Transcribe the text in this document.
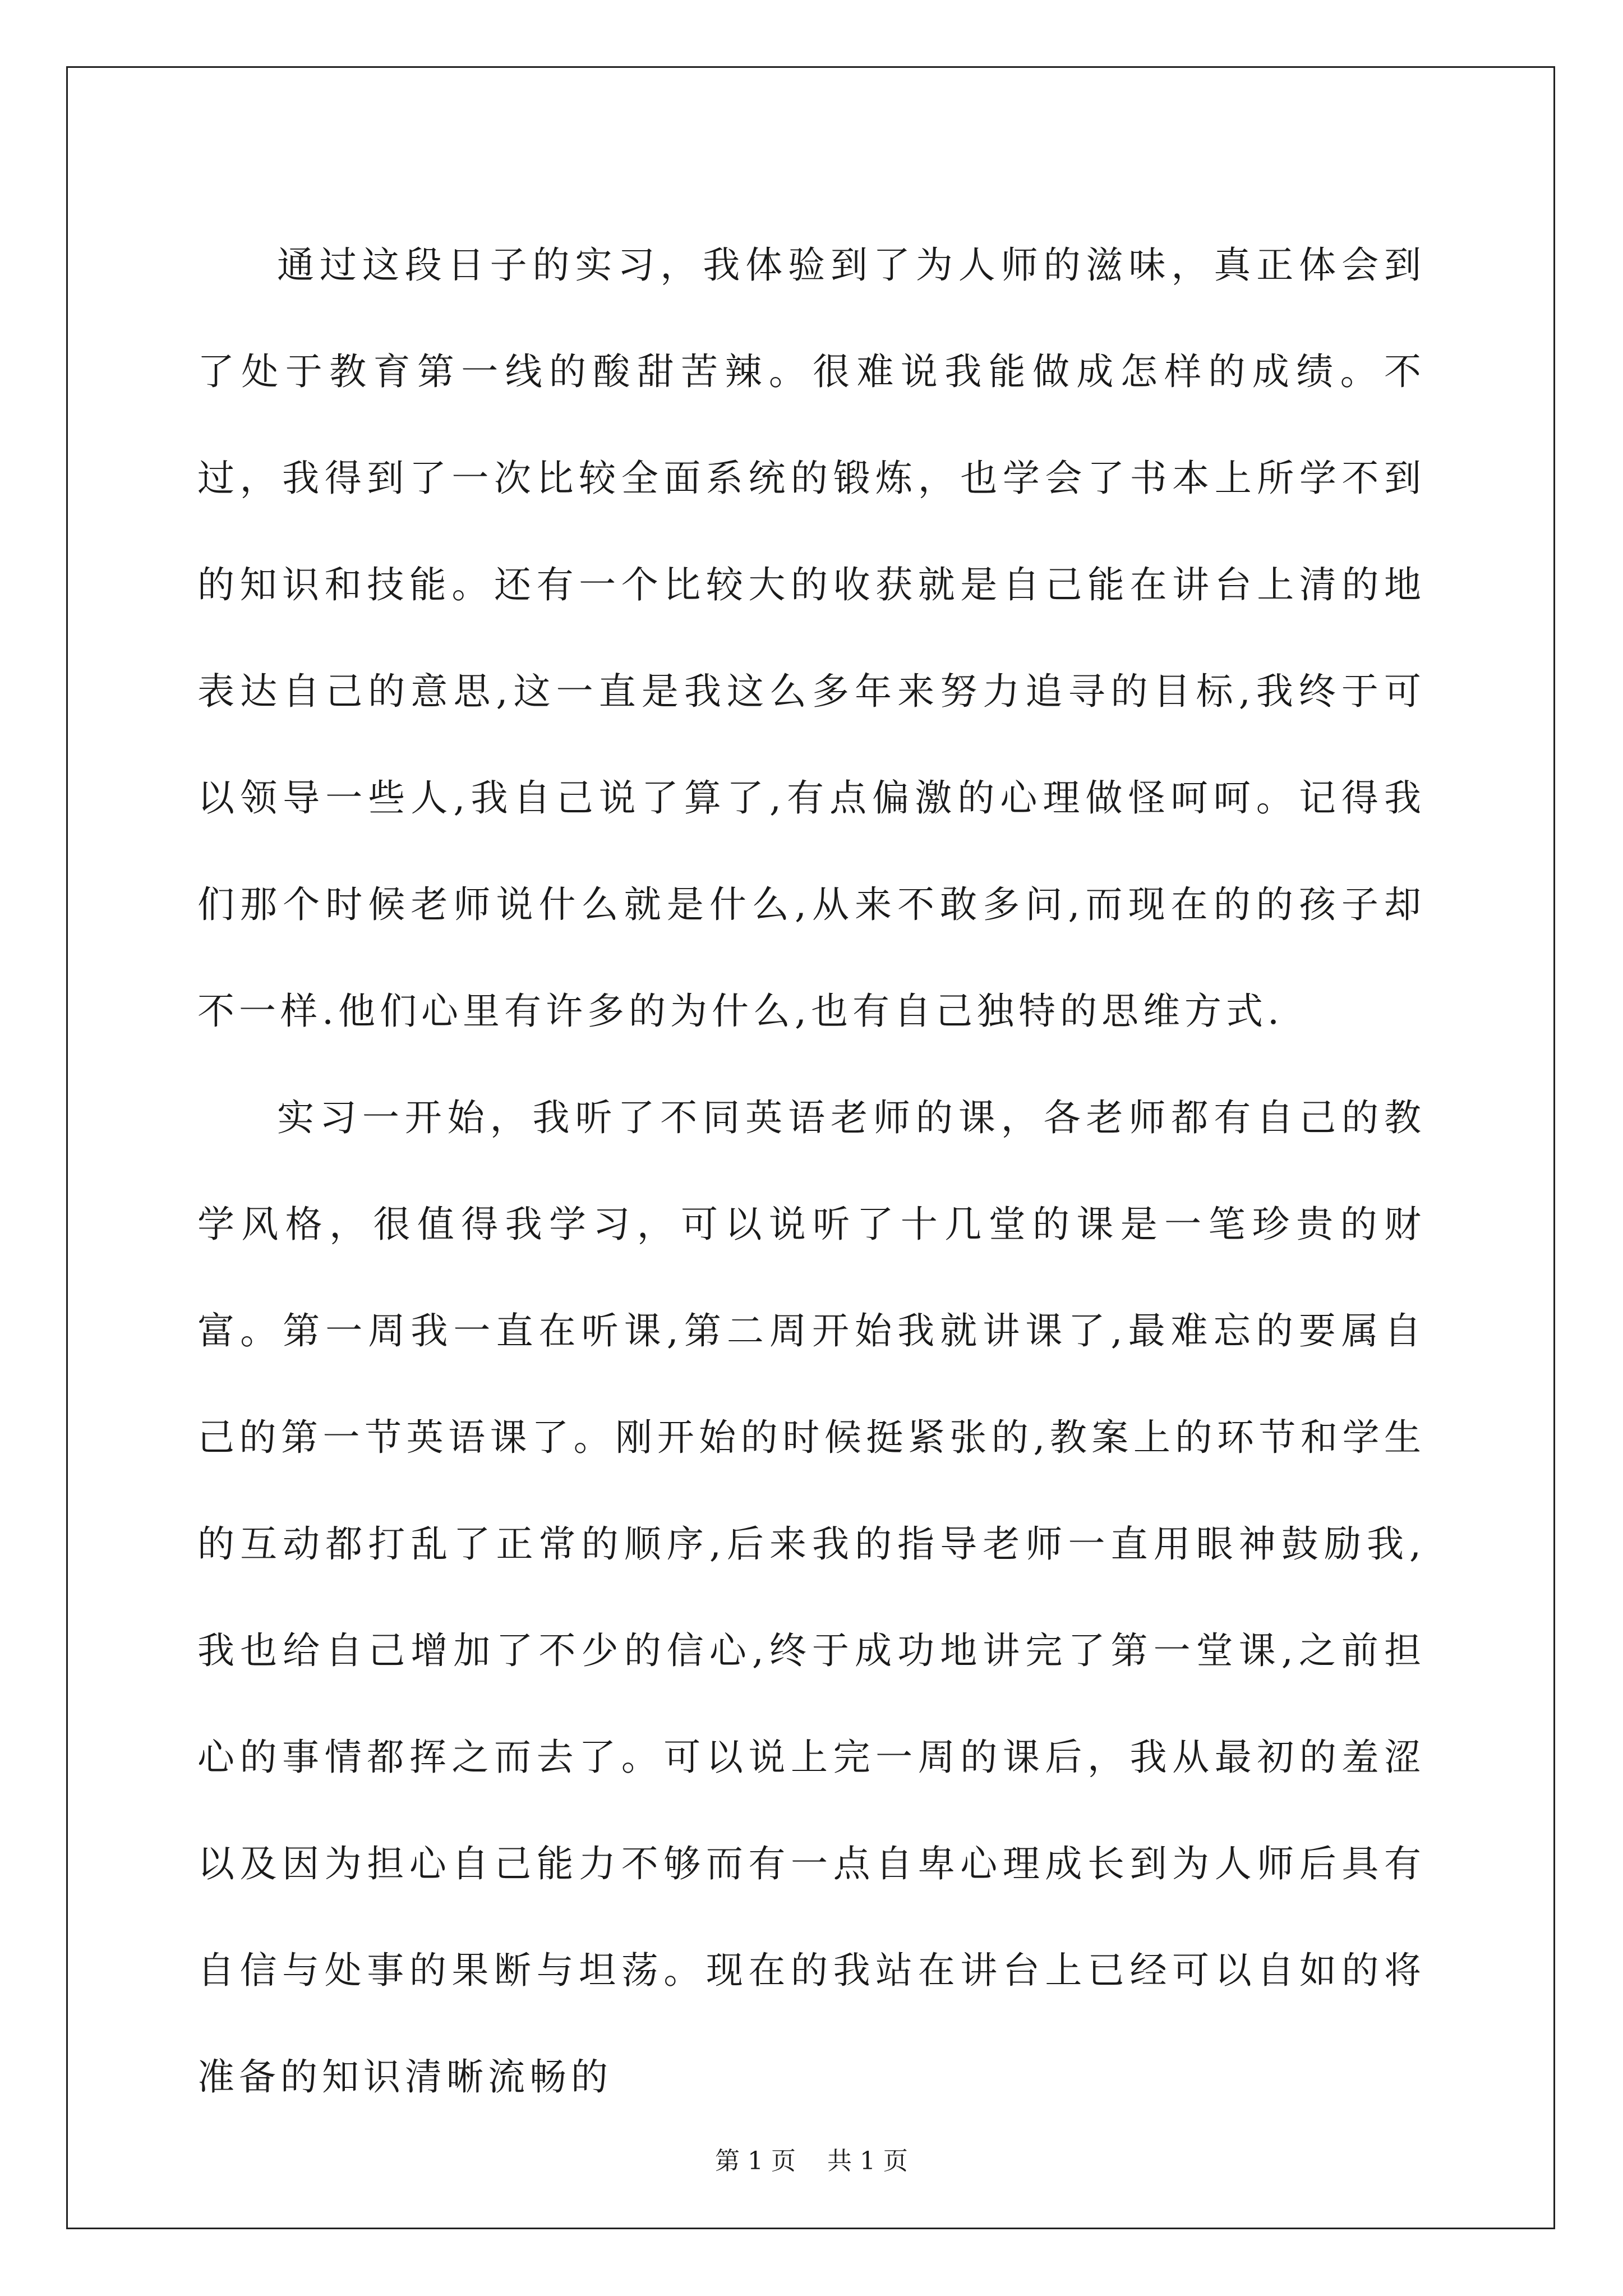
通过这段日子的实习，我体验到了为人师的滋味，真正体会到了处于教育第一线的酸甜苦辣。很难说我能做成怎样的成绩。不过，我得到了一次比较全面系统的锻炼，也学会了书本上所学不到的知识和技能。还有一个比较大的收获就是自己能在讲台上清的地表达自己的意思,这一直是我这么多年来努力追寻的目标,我终于可以领导一些人,我自己说了算了,有点偏激的心理做怪呵呵。记得我们那个时候老师说什么就是什么,从来不敢多问,而现在的的孩子却不一样.他们心里有许多的为什么,也有自己独特的思维方式.

实习一开始，我听了不同英语老师的课，各老师都有自己的教学风格，很值得我学习，可以说听了十几堂的课是一笔珍贵的财富。第一周我一直在听课,第二周开始我就讲课了,最难忘的要属自己的第一节英语课了。刚开始的时候挺紧张的,教案上的环节和学生的互动都打乱了正常的顺序,后来我的指导老师一直用眼神鼓励我,我也给自己增加了不少的信心,终于成功地讲完了第一堂课,之前担心的事情都挥之而去了。可以说上完一周的课后，我从最初的羞涩以及因为担心自己能力不够而有一点自卑心理成长到为人师后具有自信与处事的果断与坦荡。现在的我站在讲台上已经可以自如的将准备的知识清晰流畅的

第 1 页    共 1 页
